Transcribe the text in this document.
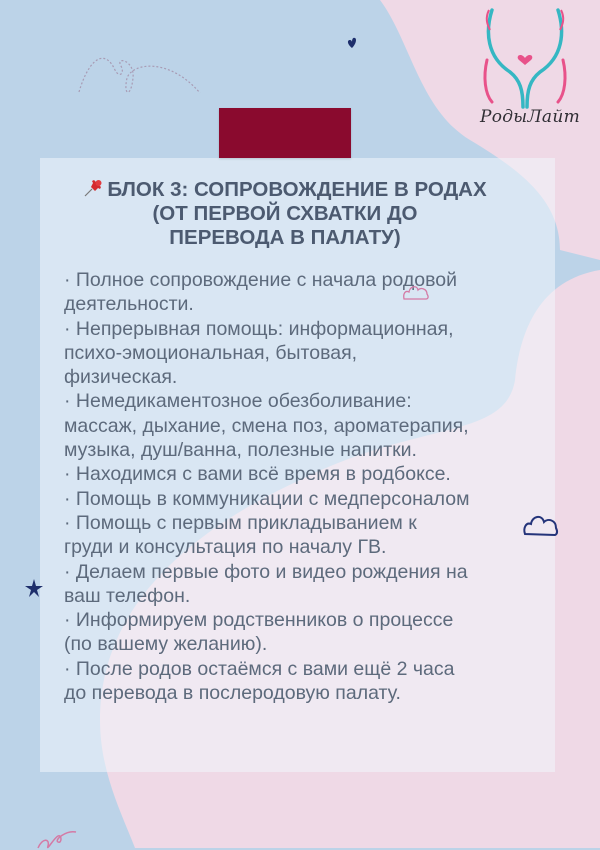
РодыЛайт
БЛОК 3: СОПРОВОЖДЕНИЕ В РОДАХ
(ОТ ПЕРВОЙ СХВАТКИ ДО
ПЕРЕВОДА В ПАЛАТУ)

· Полное сопровождение с начала родовой
деятельности.

· Непрерывная помощь: информационная,
психо-эмоциональная, бытовая,
физическая.

· Немедикаментозное обезболивание:
массаж, дыхание, смена поз, ароматерапия,
музыка, душ/ванна, полезные напитки.

· Находимся с вами всё время в родбоксе.

· Помощь в коммуникации с медперсоналом

· Помощь с первым прикладыванием к
груди и консультация по началу ГВ.

· Делаем первые фото и видео рождения на
ваш телефон.

· Информируем родственников о процессе
(по вашему желанию).

· После родов остаёмся с вами ещё 2 часа
до перевода в послеродовую палату.
